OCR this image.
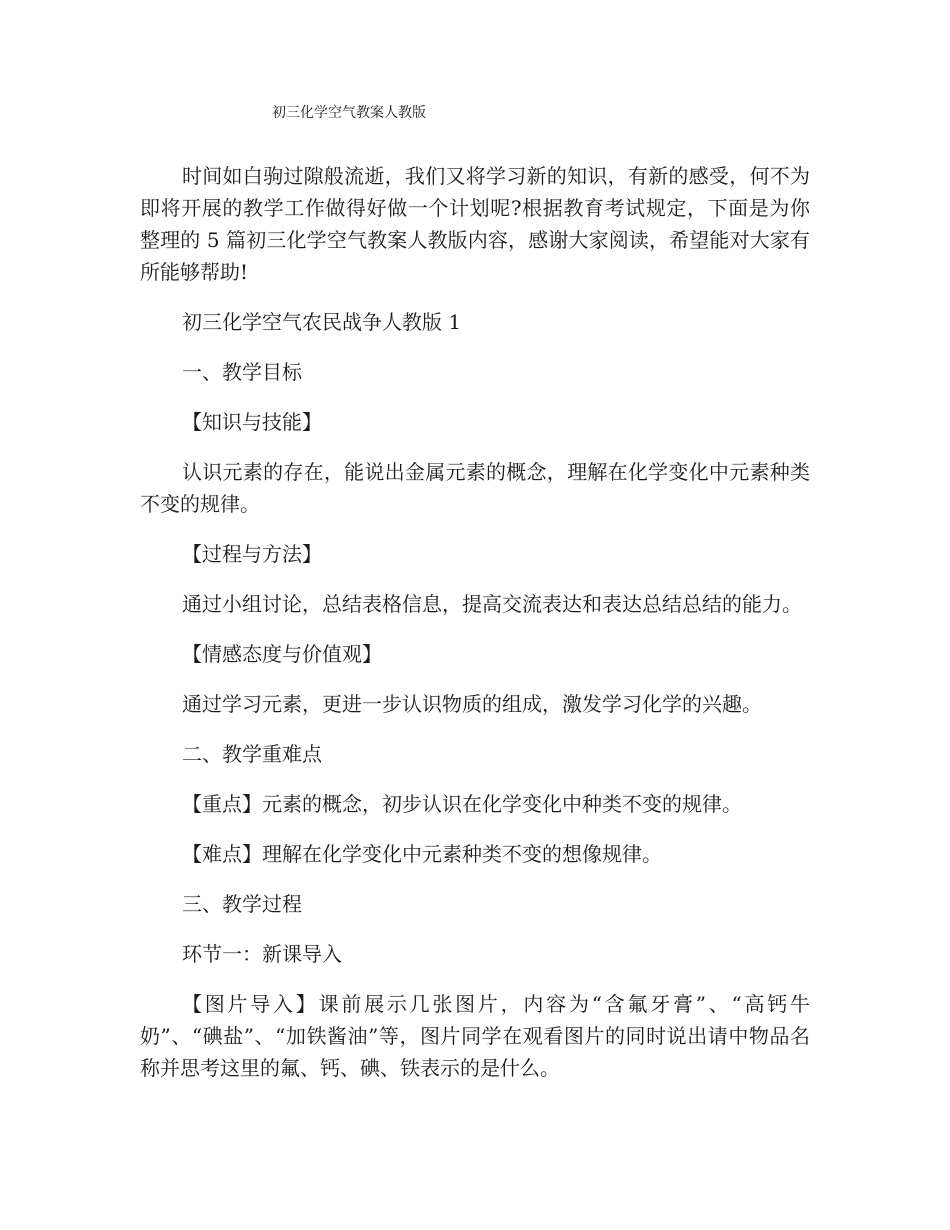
初三化学空气教案人教版

时间如白驹过隙般流逝，我们又将学习新的知识，有新的感受，何不为即将开展的教学工作做得好做一个计划呢?根据教育考试规定，下面是为你整理的 5 篇初三化学空气教案人教版内容，感谢大家阅读，希望能对大家有所能够帮助!

初三化学空气农民战争人教版 1

一、教学目标

【知识与技能】

认识元素的存在，能说出金属元素的概念，理解在化学变化中元素种类不变的规律。

【过程与方法】

通过小组讨论，总结表格信息，提高交流表达和表达总结总结的能力。

【情感态度与价值观】

通过学习元素，更进一步认识物质的组成，激发学习化学的兴趣。

二、教学重难点

【重点】元素的概念，初步认识在化学变化中种类不变的规律。

【难点】理解在化学变化中元素种类不变的想像规律。

三、教学过程

环节一：新课导入

【图片导入】课前展示几张图片，内容为“含氟牙膏”、“高钙牛奶”、“碘盐”、“加铁酱油”等，图片同学在观看图片的同时说出请中物品名称并思考这里的氟、钙、碘、铁表示的是什么。
